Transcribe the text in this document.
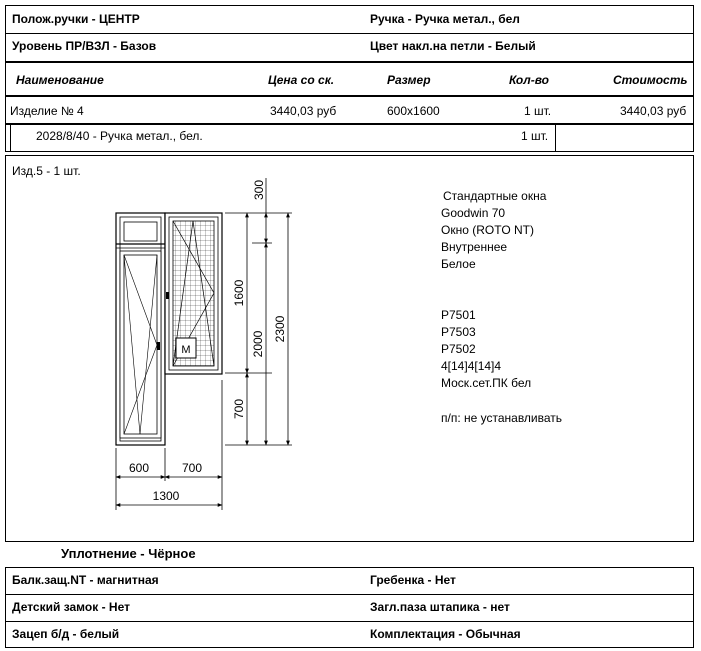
Полож.ручки - ЦЕНТР	Ручка - Ручка метал., бел
Уровень ПР/ВЗЛ - Базов	Цвет накл.на петли - Белый
Наименование	Цена со ск.	Размер	Кол-во	Стоимость
Изделие № 4	3440,03 руб	600x1600	1 шт.	3440,03 руб
2028/8/40 - Ручка метал., бел.	1 шт.
Изд.5 - 1 шт.
М
300
1600
2000
2300
700
600	700
1300
Стандартные окна
Goodwin 70
Окно (ROTO NT)
Внутреннее
Белое
P7501
P7503
P7502
4[14]4[14]4
Моск.сет.ПК бел
п/п: не устанавливать
Уплотнение - Чёрное
Балк.защ.NT - магнитная	Гребенка - Нет
Детский замок - Нет	Загл.паза штапика - нет
Зацеп б/д - белый	Комплектация - Обычная
